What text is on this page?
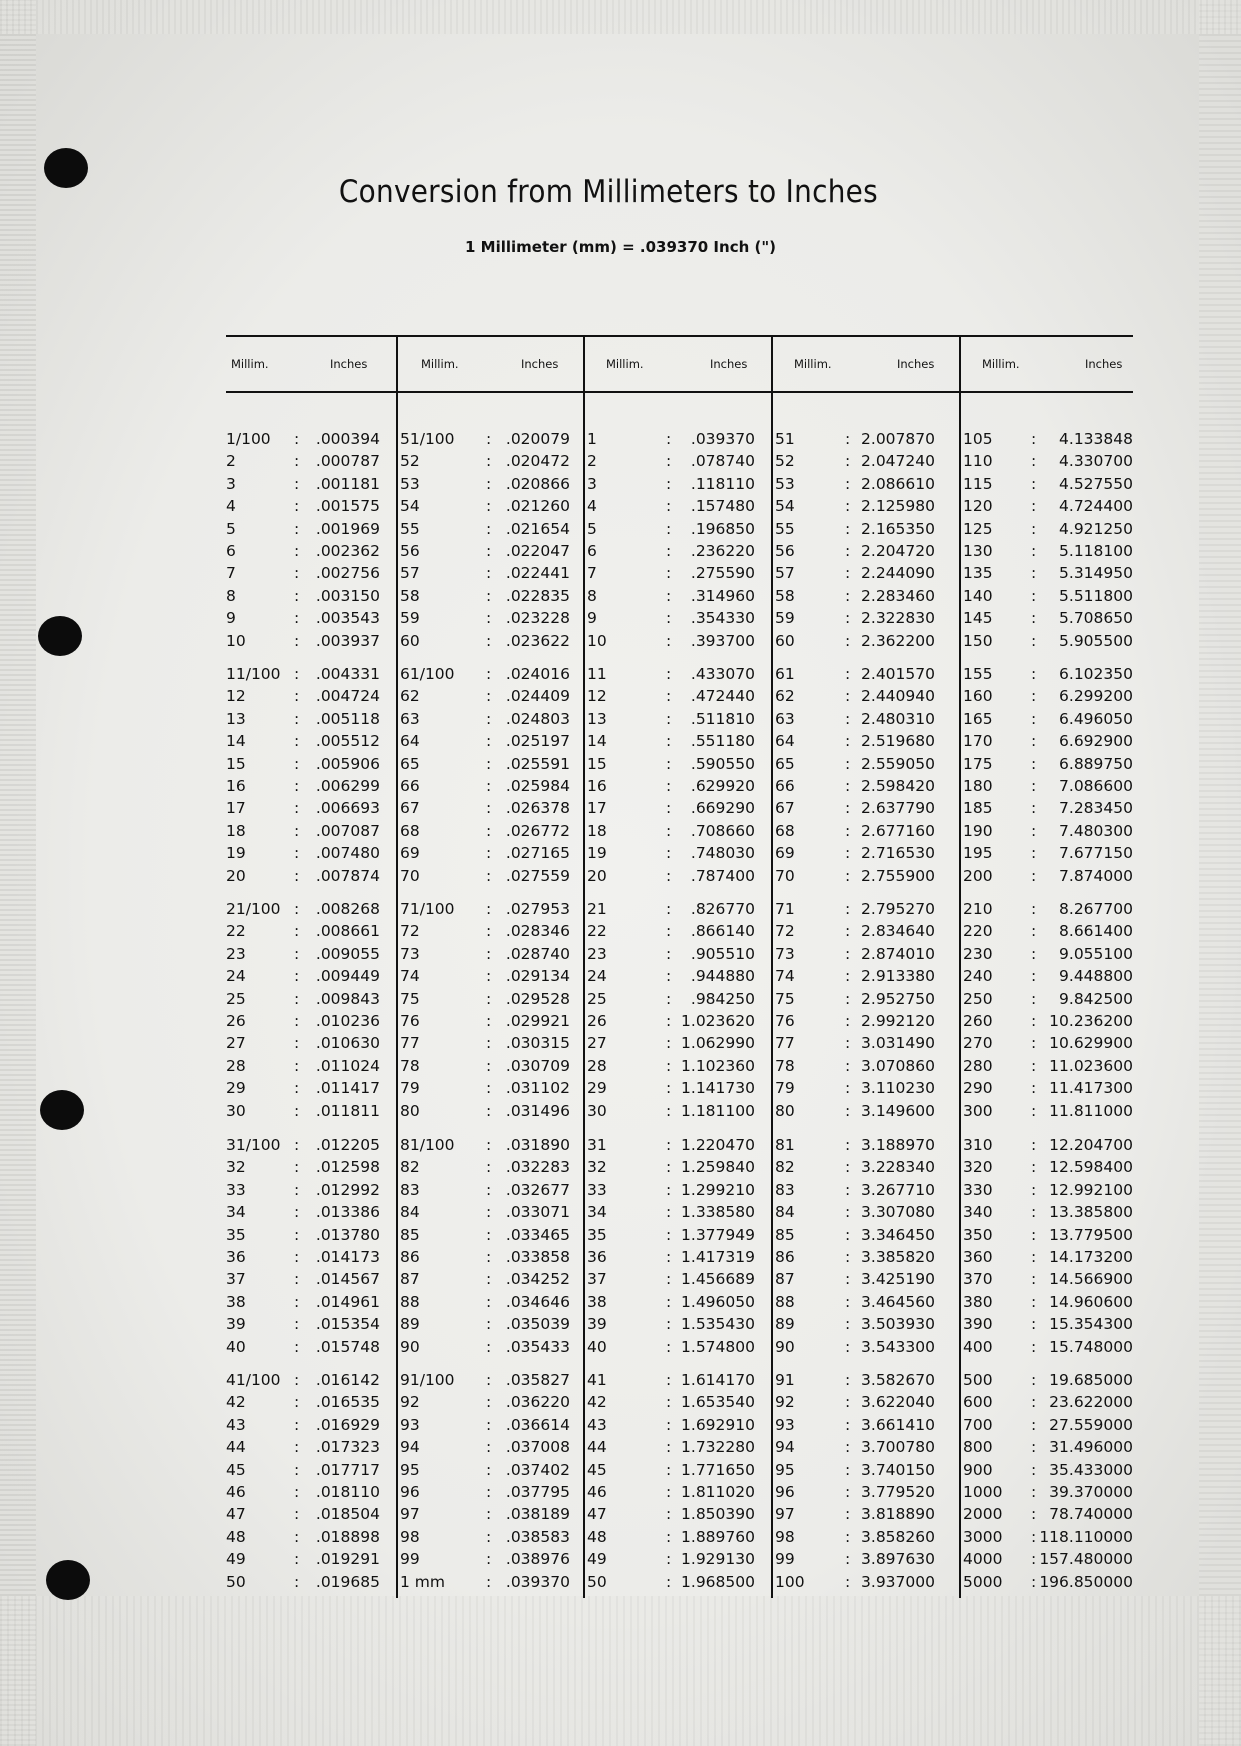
Conversion from Millimeters to Inches
1 Millimeter (mm) = .039370 Inch (")
Millim.	Inches
1/100 : .000394
2	: .000787
3	: .001181
4	: .001575
5	: .001969
6	: .002362
7	: .002756
8	: .003150
9	: .003543
10	: .003937
11/100 : .004331
12	: .004724
13	: .005118
14	: .005512
15	: .005906
16	: .006299
17	: .006693
18	: .007087
19	: .007480
20	: .007874
21/100 : .008268
22	: .008661
23	: .009055
24	: .009449
25	: .009843
26	: .010236
27	: .010630
28	: .011024
29	: .011417
30	: .011811
31/100 : .012205
32	: .012598
33	: .012992
34	: .013386
35	: .013780
36	: .014173
37	: .014567
38	: .014961
39	: .015354
40	: .015748
41/100 : .016142
42	: .016535
43	: .016929
44	: .017323
45	: .017717
46	: .018110
47	: .018504
48	: .018898
49	: .019291
50	: .019685
Millim.	Inches
51/100 : .020079
52	: .020472
53	: .020866
54	: .021260
55	: .021654
56	: .022047
57	: .022441
58	: .022835
59	: .023228
60	: .023622
61/100 : .024016
62	: .024409
63	: .024803
64	: .025197
65	: .025591
66	: .025984
67	: .026378
68	: .026772
69	: .027165
70	: .027559
71/100 : .027953
72	: .028346
73	: .028740
74	: .029134
75	: .029528
76	: .029921
77	: .030315
78	: .030709
79	: .031102
80	: .031496
81/100 : .031890
82	: .032283
83	: .032677
84	: .033071
85	: .033465
86	: .033858
87	: .034252
88	: .034646
89	: .035039
90	: .035433
91/100 : .035827
92	: .036220
93	: .036614
94	: .037008
95	: .037402
96	: .037795
97	: .038189
98	: .038583
99	: .038976
1 mm	: .039370
Millim.	Inches
1	: .039370
2	: .078740
3	: .118110
4	: .157480
5	: .196850
6	: .236220
7	: .275590
8	: .314960
9	: .354330
10	: .393700
11	: .433070
12	: .472440
13	: .511810
14	: .551180
15	: .590550
16	: .629920
17	: .669290
18	: .708660
19	: .748030
20	: .787400
21	: .826770
22	: .866140
23	: .905510
24	: .944880
25	: .984250
26	: 1.023620
27	: 1.062990
28	: 1.102360
29	: 1.141730
30	: 1.181100
31	: 1.220470
32	: 1.259840
33	: 1.299210
34	: 1.338580
35	: 1.377949
36	: 1.417319
37	: 1.456689
38	: 1.496050
39	: 1.535430
40	: 1.574800
41	: 1.614170
42	: 1.653540
43	: 1.692910
44	: 1.732280
45	: 1.771650
46	: 1.811020
47	: 1.850390
48	: 1.889760
49	: 1.929130
50	: 1.968500
Millim.	Inches
51	: 2.007870
52	: 2.047240
53	: 2.086610
54	: 2.125980
55	: 2.165350
56	: 2.204720
57	: 2.244090
58	: 2.283460
59	: 2.322830
60	: 2.362200
61	: 2.401570
62	: 2.440940
63	: 2.480310
64	: 2.519680
65	: 2.559050
66	: 2.598420
67	: 2.637790
68	: 2.677160
69	: 2.716530
70	: 2.755900
71	: 2.795270
72	: 2.834640
73	: 2.874010
74	: 2.913380
75	: 2.952750
76	: 2.992120
77	: 3.031490
78	: 3.070860
79	: 3.110230
80	: 3.149600
81	: 3.188970
82	: 3.228340
83	: 3.267710
84	: 3.307080
85	: 3.346450
86	: 3.385820
87	: 3.425190
88	: 3.464560
89	: 3.503930
90	: 3.543300
91	: 3.582670
92	: 3.622040
93	: 3.661410
94	: 3.700780
95	: 3.740150
96	: 3.779520
97	: 3.818890
98	: 3.858260
99	: 3.897630
100	: 3.937000
Millim.	Inches
105 : 4.133848
110 : 4.330700
115 : 4.527550
120 : 4.724400
125 : 4.921250
130 : 5.118100
135 : 5.314950
140 : 5.511800
145 : 5.708650
150 : 5.905500
155 : 6.102350
160 : 6.299200
165 : 6.496050
170 : 6.692900
175 : 6.889750
180 : 7.086600
185 : 7.283450
190 : 7.480300
195 : 7.677150
200 : 7.874000
210 : 8.267700
220 : 8.661400
230 : 9.055100
240 : 9.448800
250 : 9.842500
260 : 10.236200
270 : 10.629900
280 : 11.023600
290 : 11.417300
300 : 11.811000
310 : 12.204700
320 : 12.598400
330 : 12.992100
340 : 13.385800
350 : 13.779500
360 : 14.173200
370 : 14.566900
380 : 14.960600
390 : 15.354300
400 : 15.748000
500 : 19.685000
600 : 23.622000
700 : 27.559000
800 : 31.496000
900 : 35.433000
1000 : 39.370000
2000 : 78.740000
3000 : 118.110000
4000 : 157.480000
5000 : 196.850000
